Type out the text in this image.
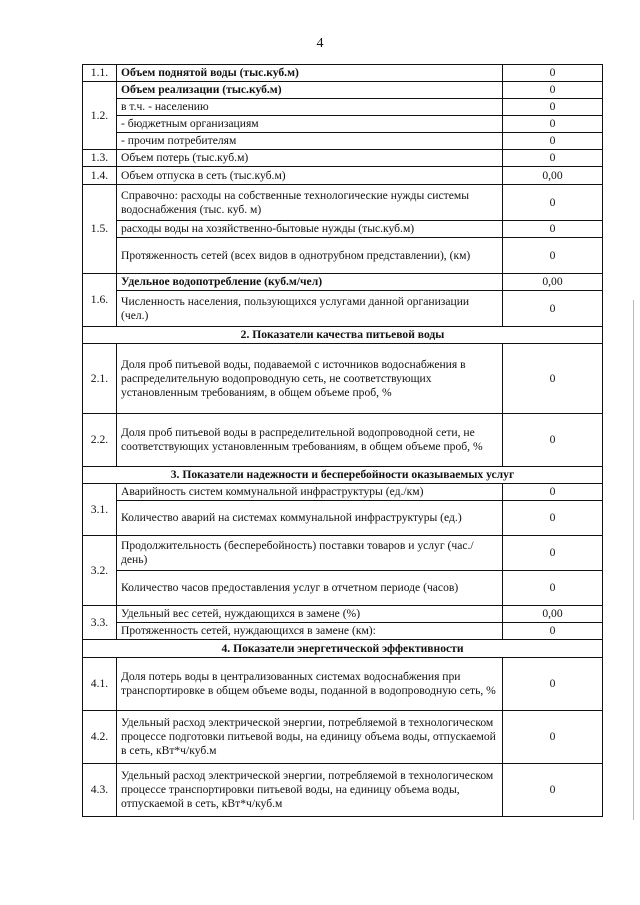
4
1.1.	Объем поднятой воды (тыс.куб.м)	0
1.2.	Объем реализации (тыс.куб.м)	0
	в т.ч. - населению	0
	- бюджетным организациям	0
	- прочим потребителям	0
1.3.	Объем потерь (тыс.куб.м)	0
1.4.	Объем отпуска в сеть (тыс.куб.м)	0,00
1.5.	Справочно: расходы на собственные технологические нужды системы водоснабжения (тыс. куб. м)	0
	расходы воды на хозяйственно-бытовые нужды (тыс.куб.м)	0
	Протяженность сетей (всех видов в однотрубном представлении), (км)	0
1.6.	Удельное водопотребление (куб.м/чел)	0,00
	Численность населения, пользующихся услугами данной организации (чел.)	0
2. Показатели качества питьевой воды		
2.1.	Доля проб питьевой воды, подаваемой с источников водоснабжения в распределительную водопроводную сеть, не соответствующих установленным требованиям, в общем объеме проб, %	0
2.2.	Доля проб питьевой воды в распределительной водопроводной сети, не соответствующих установленным требованиям, в общем объеме проб, %	0
3. Показатели надежности и бесперебойности оказываемых услуг		
3.1.	Аварийность систем коммунальной инфраструктуры (ед./км)	0
	Количество аварий на системах коммунальной инфраструктуры (ед.)	0
3.2.	Продолжительность (бесперебойность) поставки товаров и услуг (час./день)	0
	Количество часов предоставления услуг в отчетном периоде (часов)	0
3.3.	Удельный вес сетей, нуждающихся в замене (%)	0,00
	Протяженность сетей, нуждающихся в замене (км):	0
4. Показатели энергетической эффективности		
4.1.	Доля потерь воды в централизованных системах водоснабжения при транспортировке в общем объеме воды, поданной в водопроводную сеть, %	0
4.2.	Удельный расход электрической энергии, потребляемой в технологическом процессе подготовки питьевой воды, на единицу объема воды, отпускаемой в сеть, кВт*ч/куб.м	0
4.3.	Удельный расход электрической энергии, потребляемой в технологическом процессе транспортировки питьевой воды, на единицу объема воды, отпускаемой в сеть, кВт*ч/куб.м	0
